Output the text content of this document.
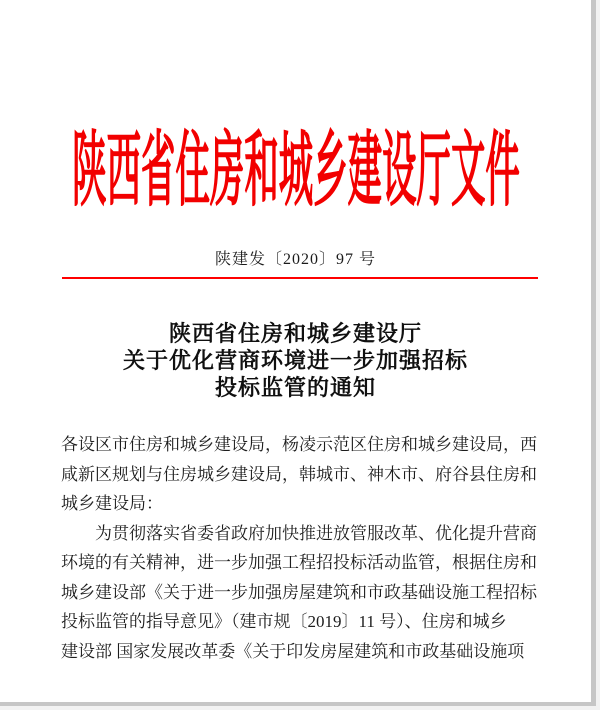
陕西省住房和城乡建设厅文件
陕建发〔2020〕97 号
陕西省住房和城乡建设厅
关于优化营商环境进一步加强招标
投标监管的通知
各设区市住房和城乡建设局，杨凌示范区住房和城乡建设局，西
咸新区规划与住房城乡建设局，韩城市、神木市、府谷县住房和
城乡建设局：
　　为贯彻落实省委省政府加快推进放管服改革、优化提升营商
环境的有关精神，进一步加强工程招投标活动监管，根据住房和
城乡建设部《关于进一步加强房屋建筑和市政基础设施工程招标
投标监管的指导意见》（建市规〔2019〕11 号）、住房和城乡
建设部 国家发展改革委《关于印发房屋建筑和市政基础设施项
